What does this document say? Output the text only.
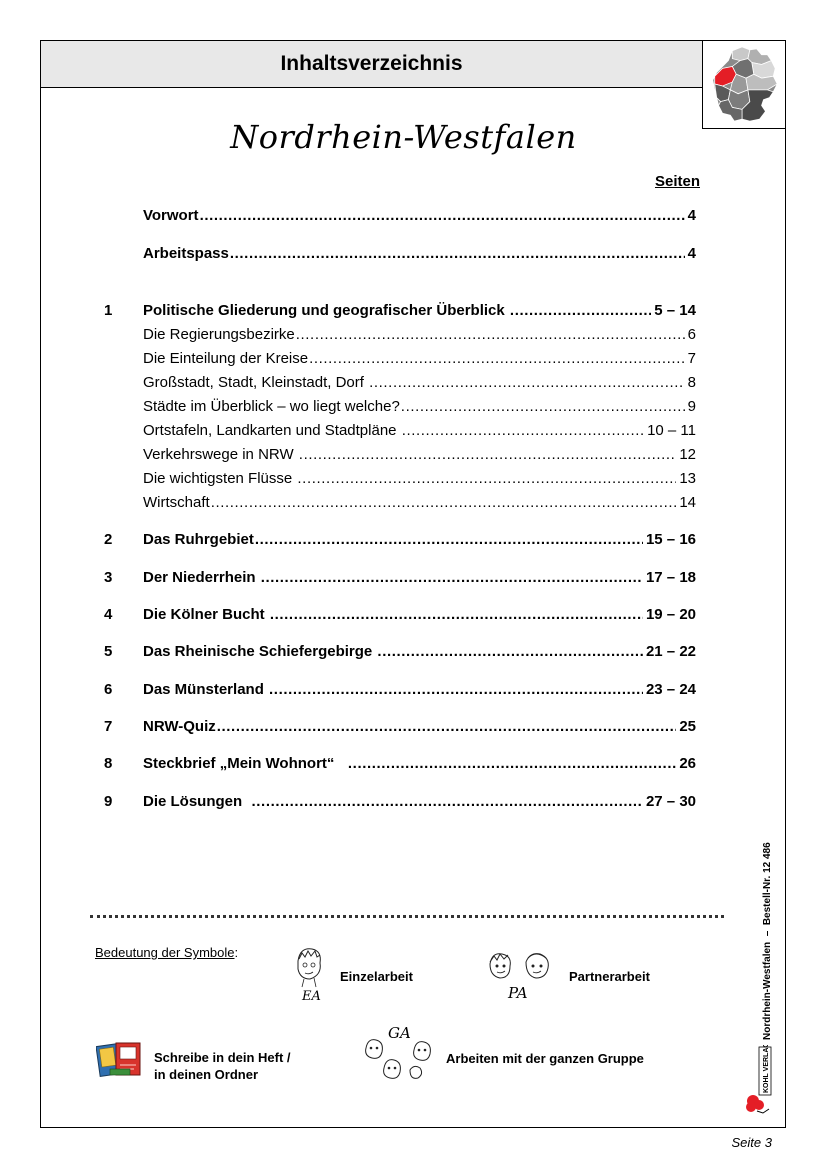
Inhaltsverzeichnis
Nordrhein-Westfalen
Seiten
Vorwort .....	4
Arbeitspass .....	4
1	Politische Gliederung und geografischer Überblick .....	5 – 14
Die Regierungsbezirke .....	6
Die Einteilung der Kreise .....	7
Großstadt, Stadt, Kleinstadt, Dorf .....	8
Städte im Überblick – wo liegt welche? .....	9
Ortstafeln, Landkarten und Stadtpläne .....	10 – 11
Verkehrswege in NRW .....	12
Die wichtigsten Flüsse .....	13
Wirtschaft .....	14
2	Das Ruhrgebiet .....	15 – 16
3	Der Niederrhein .....	17 – 18
4	Die Kölner Bucht .....	19 – 20
5	Das Rheinische Schiefergebirge .....	21 – 22
6	Das Münsterland .....	23 – 24
7	NRW-Quiz .....	25
8	Steckbrief „Mein Wohnort“ .....	26
9	Die Lösungen .....	27 – 30
Bedeutung der Symbole:
EA
Einzelarbeit
PA
Partnerarbeit
Schreibe in dein Heft /
in deinen Ordner
GA
Arbeiten mit der ganzen Gruppe
Nordrhein-Westfalen  –  Bestell-Nr. 12 486
KOHL VERLAG
Seite 3
